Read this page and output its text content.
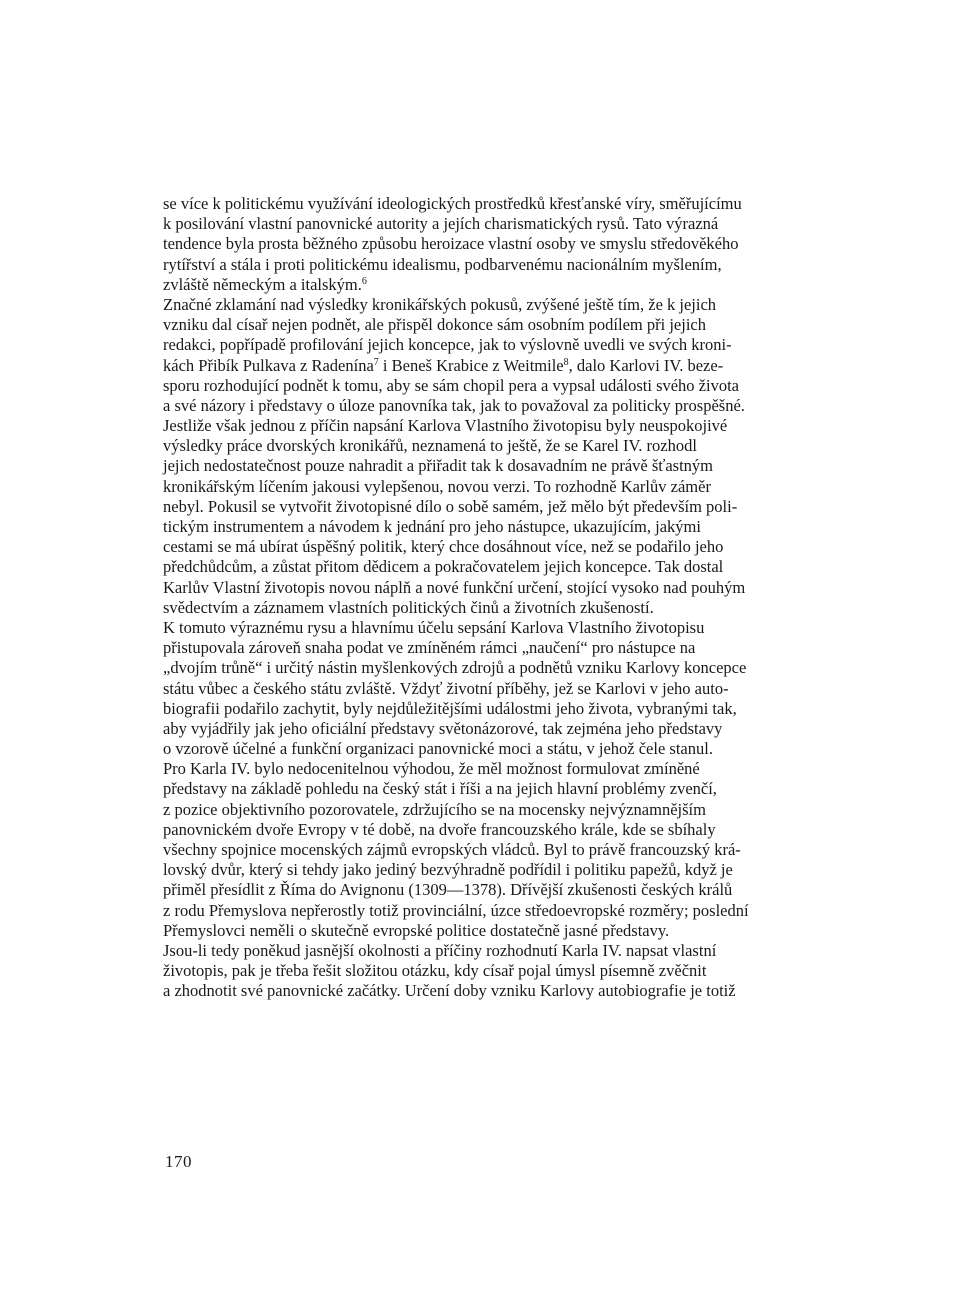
se více k politickému využívání ideologických prostředků křesťanské víry, směřujícímu
k posilování vlastní panovnické autority a jejích charismatických rysů. Tato výrazná
tendence byla prosta běžného způsobu heroizace vlastní osoby ve smyslu středověkého
rytířství a stála i proti politickému idealismu, podbarvenému nacionálním myšlením,
zvláště německým a italským.$^6$
Značné zklamání nad výsledky kronikářských pokusů, zvýšené ještě tím, že k jejich
vzniku dal císař nejen podnět, ale přispěl dokonce sám osobním podílem při jejich
redakci, popřípadě profilování jejich koncepce, jak to výslovně uvedli ve svých kroni-
kách Přibík Pulkava z Radenína$^7$ i Beneš Krabice z Weitmile$^8$, dalo Karlovi IV. beze-
sporu rozhodující podnět k tomu, aby se sám chopil pera a vypsal události svého života
a své názory i představy o úloze panovníka tak, jak to považoval za politicky prospěšné.
Jestliže však jednou z příčin napsání Karlova Vlastního životopisu byly neuspokojivé
výsledky práce dvorských kronikářů, neznamená to ještě, že se Karel IV. rozhodl
jejich nedostatečnost pouze nahradit a přiřadit tak k dosavadním ne právě šťastným
kronikářským líčením jakousi vylepšenou, novou verzi. To rozhodně Karlův záměr
nebyl. Pokusil se vytvořit životopisné dílo o sobě samém, jež mělo být především poli-
tickým instrumentem a návodem k jednání pro jeho nástupce, ukazujícím, jakými
cestami se má ubírat úspěšný politik, který chce dosáhnout více, než se podařilo jeho
předchůdcům, a zůstat přitom dědicem a pokračovatelem jejich koncepce. Tak dostal
Karlův Vlastní životopis novou náplň a nové funkční určení, stojící vysoko nad pouhým
svědectvím a záznamem vlastních politických činů a životních zkušeností.
K tomuto výraznému rysu a hlavnímu účelu sepsání Karlova Vlastního životopisu
přistupovala zároveň snaha podat ve zmíněném rámci „naučení“ pro nástupce na
„dvojím trůně“ i určitý nástin myšlenkových zdrojů a podnětů vzniku Karlovy koncepce
státu vůbec a českého státu zvláště. Vždyť životní příběhy, jež se Karlovi v jeho auto-
biografii podařilo zachytit, byly nejdůležitějšími událostmi jeho života, vybranými tak,
aby vyjádřily jak jeho oficiální představy světonázorové, tak zejména jeho představy
o vzorově účelné a funkční organizaci panovnické moci a státu, v jehož čele stanul.
Pro Karla IV. bylo nedocenitelnou výhodou, že měl možnost formulovat zmíněné
představy na základě pohledu na český stát i říši a na jejich hlavní problémy zvenčí,
z pozice objektivního pozorovatele, zdržujícího se na mocensky nejvýznamnějším
panovnickém dvoře Evropy v té době, na dvoře francouzského krále, kde se sbíhaly
všechny spojnice mocenských zájmů evropských vládců. Byl to právě francouzský krá-
lovský dvůr, který si tehdy jako jediný bezvýhradně podřídil i politiku papežů, když je
přiměl přesídlit z Říma do Avignonu (1309—1378). Dřívější zkušenosti českých králů
z rodu Přemyslova nepřerostly totiž provinciální, úzce středoevropské rozměry; poslední
Přemyslovci neměli o skutečně evropské politice dostatečně jasné představy.
Jsou-li tedy poněkud jasnější okolnosti a příčiny rozhodnutí Karla IV. napsat vlastní
životopis, pak je třeba řešit složitou otázku, kdy císař pojal úmysl písemně zvěčnit
a zhodnotit své panovnické začátky. Určení doby vzniku Karlovy autobiografie je totiž
170
